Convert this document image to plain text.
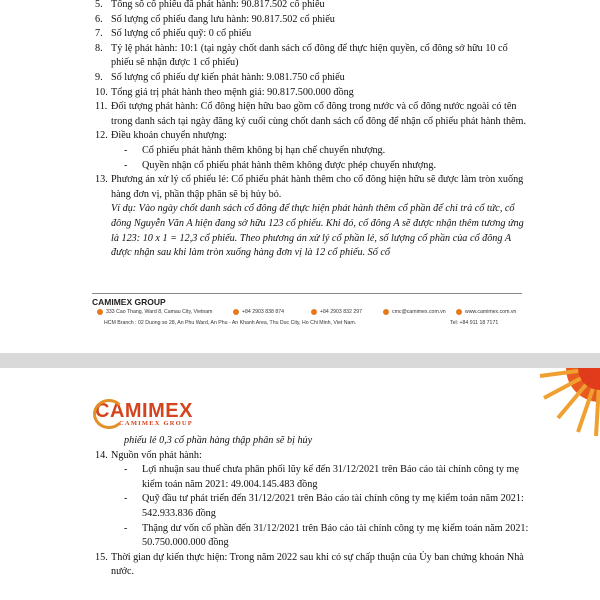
5. Tổng số cổ phiếu đã phát hành: 90.817.502 cổ phiếu
6. Số lượng cổ phiếu đang lưu hành: 90.817.502 cổ phiếu
7. Số lượng cổ phiếu quỹ: 0 cổ phiếu
8. Tỷ lệ phát hành: 10:1 (tại ngày chốt danh sách cổ đông để thực hiện quyền, cổ đông sở hữu 10 cổ phiếu sẽ nhận được 1 cổ phiếu)
9. Số lượng cổ phiếu dự kiến phát hành: 9.081.750 cổ phiếu
10. Tổng giá trị phát hành theo mệnh giá: 90.817.500.000 đồng
11. Đối tượng phát hành: Cổ đông hiện hữu bao gồm cổ đông trong nước và cổ đông nước ngoài có tên trong danh sách tại ngày đăng ký cuối cùng chốt danh sách cổ đông để nhận cổ phiếu phát hành thêm.
12. Điều khoản chuyển nhượng:
- Cổ phiếu phát hành thêm không bị hạn chế chuyển nhượng.
- Quyền nhận cổ phiếu phát hành thêm không được phép chuyển nhượng.
13. Phương án xử lý cổ phiếu lẻ: Cổ phiếu phát hành thêm cho cổ đông hiện hữu sẽ được làm tròn xuống hàng đơn vị, phần thập phân sẽ bị hủy bỏ.
Ví dụ: Vào ngày chốt danh sách cổ đông để thực hiện phát hành thêm cổ phần để chi trả cổ tức, cổ đông Nguyễn Văn A hiện đang sở hữu 123 cổ phiếu. Khi đó, cổ đông A sẽ được nhận thêm tương ứng là 123: 10 x 1 = 12,3 cổ phiếu. Theo phương án xử lý cổ phần lẻ, số lượng cổ phần của cổ đông A được nhận sau khi làm tròn xuống hàng đơn vị là 12 cổ phiếu. Số cổ
CAMIMEX GROUP
333 Cao Thang, Ward 8, Camau City, Vietnam	+84 2903 838 874	+84 2903 832 297	cmc@camimex.com.vn	www.camimex.com.vn
HCM Branch : 02 Duong so 28, An Phu Ward, An Phu - An Khanh Area, Thu Duc City, Ho Chi Minh, Viet Nam.	Tel: +84 911 18 7171
CAMIMEX
CAMIMEX GROUP
phiếu lẻ 0,3 cổ phần hàng thập phân sẽ bị hủy
14. Nguồn vốn phát hành:
- Lợi nhuận sau thuế chưa phân phối lũy kế đến 31/12/2021 trên Báo cáo tài chính công ty mẹ kiểm toán năm 2021: 49.004.145.483 đồng
- Quỹ đầu tư phát triển đến 31/12/2021 trên Báo cáo tài chính công ty mẹ kiểm toán năm 2021: 542.933.836 đồng
- Thặng dư vốn cổ phần đến 31/12/2021 trên Báo cáo tài chính công ty mẹ kiểm toán năm 2021: 50.750.000.000 đồng
15. Thời gian dự kiến thực hiện: Trong năm 2022 sau khi có sự chấp thuận của Ủy ban chứng khoán Nhà nước.
